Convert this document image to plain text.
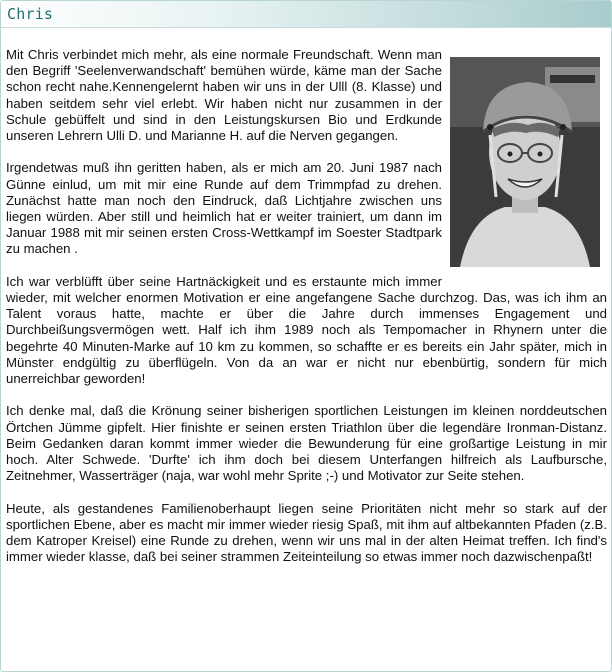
Chris

Mit Chris verbindet mich mehr, als eine normale Freundschaft. Wenn man den Begriff 'Seelenverwandschaft' bemühen würde, käme man der Sache schon recht nahe.Kennengelernt haben wir uns in der Ulll (8. Klasse) und haben seitdem sehr viel erlebt. Wir haben nicht nur zusammen in der Schule gebüffelt und sind in den Leistungskursen Bio und Erdkunde unseren Lehrern Ulli D. und Marianne H. auf die Nerven gegangen.

Irgendetwas muß ihn geritten haben, als er mich am 20. Juni 1987 nach Günne einlud, um mit mir eine Runde auf dem Trimmpfad zu drehen. Zunächst hatte man noch den Eindruck, daß Lichtjahre zwischen uns liegen würden. Aber still und heimlich hat er weiter trainiert, um dann im Januar 1988 mit mir seinen ersten Cross-Wettkampf im Soester Stadtpark zu machen .

Ich war verblüfft über seine Hartnäckigkeit und es erstaunte mich immer wieder, mit welcher enormen Motivation er eine angefangene Sache durchzog. Das, was ich ihm an Talent voraus hatte, machte er über die Jahre durch immenses Engagement und Durchbeißungsvermögen wett. Half ich ihm 1989 noch als Tempomacher in Rhynern unter die begehrte 40 Minuten-Marke auf 10 km zu kommen, so schaffte er es bereits ein Jahr später, mich in Münster endgültig zu überflügeln. Von da an war er nicht nur ebenbürtig, sondern für mich unerreichbar geworden!

Ich denke mal, daß die Krönung seiner bisherigen sportlichen Leistungen im kleinen norddeutschen Örtchen Jümme gipfelt. Hier finishte er seinen ersten Triathlon über die legendäre Ironman-Distanz. Beim Gedanken daran kommt immer wieder die Bewunderung für eine großartige Leistung in mir hoch. Alter Schwede. 'Durfte' ich ihm doch bei diesem Unterfangen hilfreich als Laufbursche, Zeitnehmer, Wasserträger (naja, war wohl mehr Sprite ;-) und Motivator zur Seite stehen.

Heute, als gestandenes Familienoberhaupt liegen seine Prioritäten nicht mehr so stark auf der sportlichen Ebene, aber es macht mir immer wieder riesig Spaß, mit ihm auf altbekannten Pfaden (z.B. dem Katroper Kreisel) eine Runde zu drehen, wenn wir uns mal in der alten Heimat treffen. Ich find's immer wieder klasse, daß bei seiner strammen Zeiteinteilung so etwas immer noch dazwischenpaßt!
